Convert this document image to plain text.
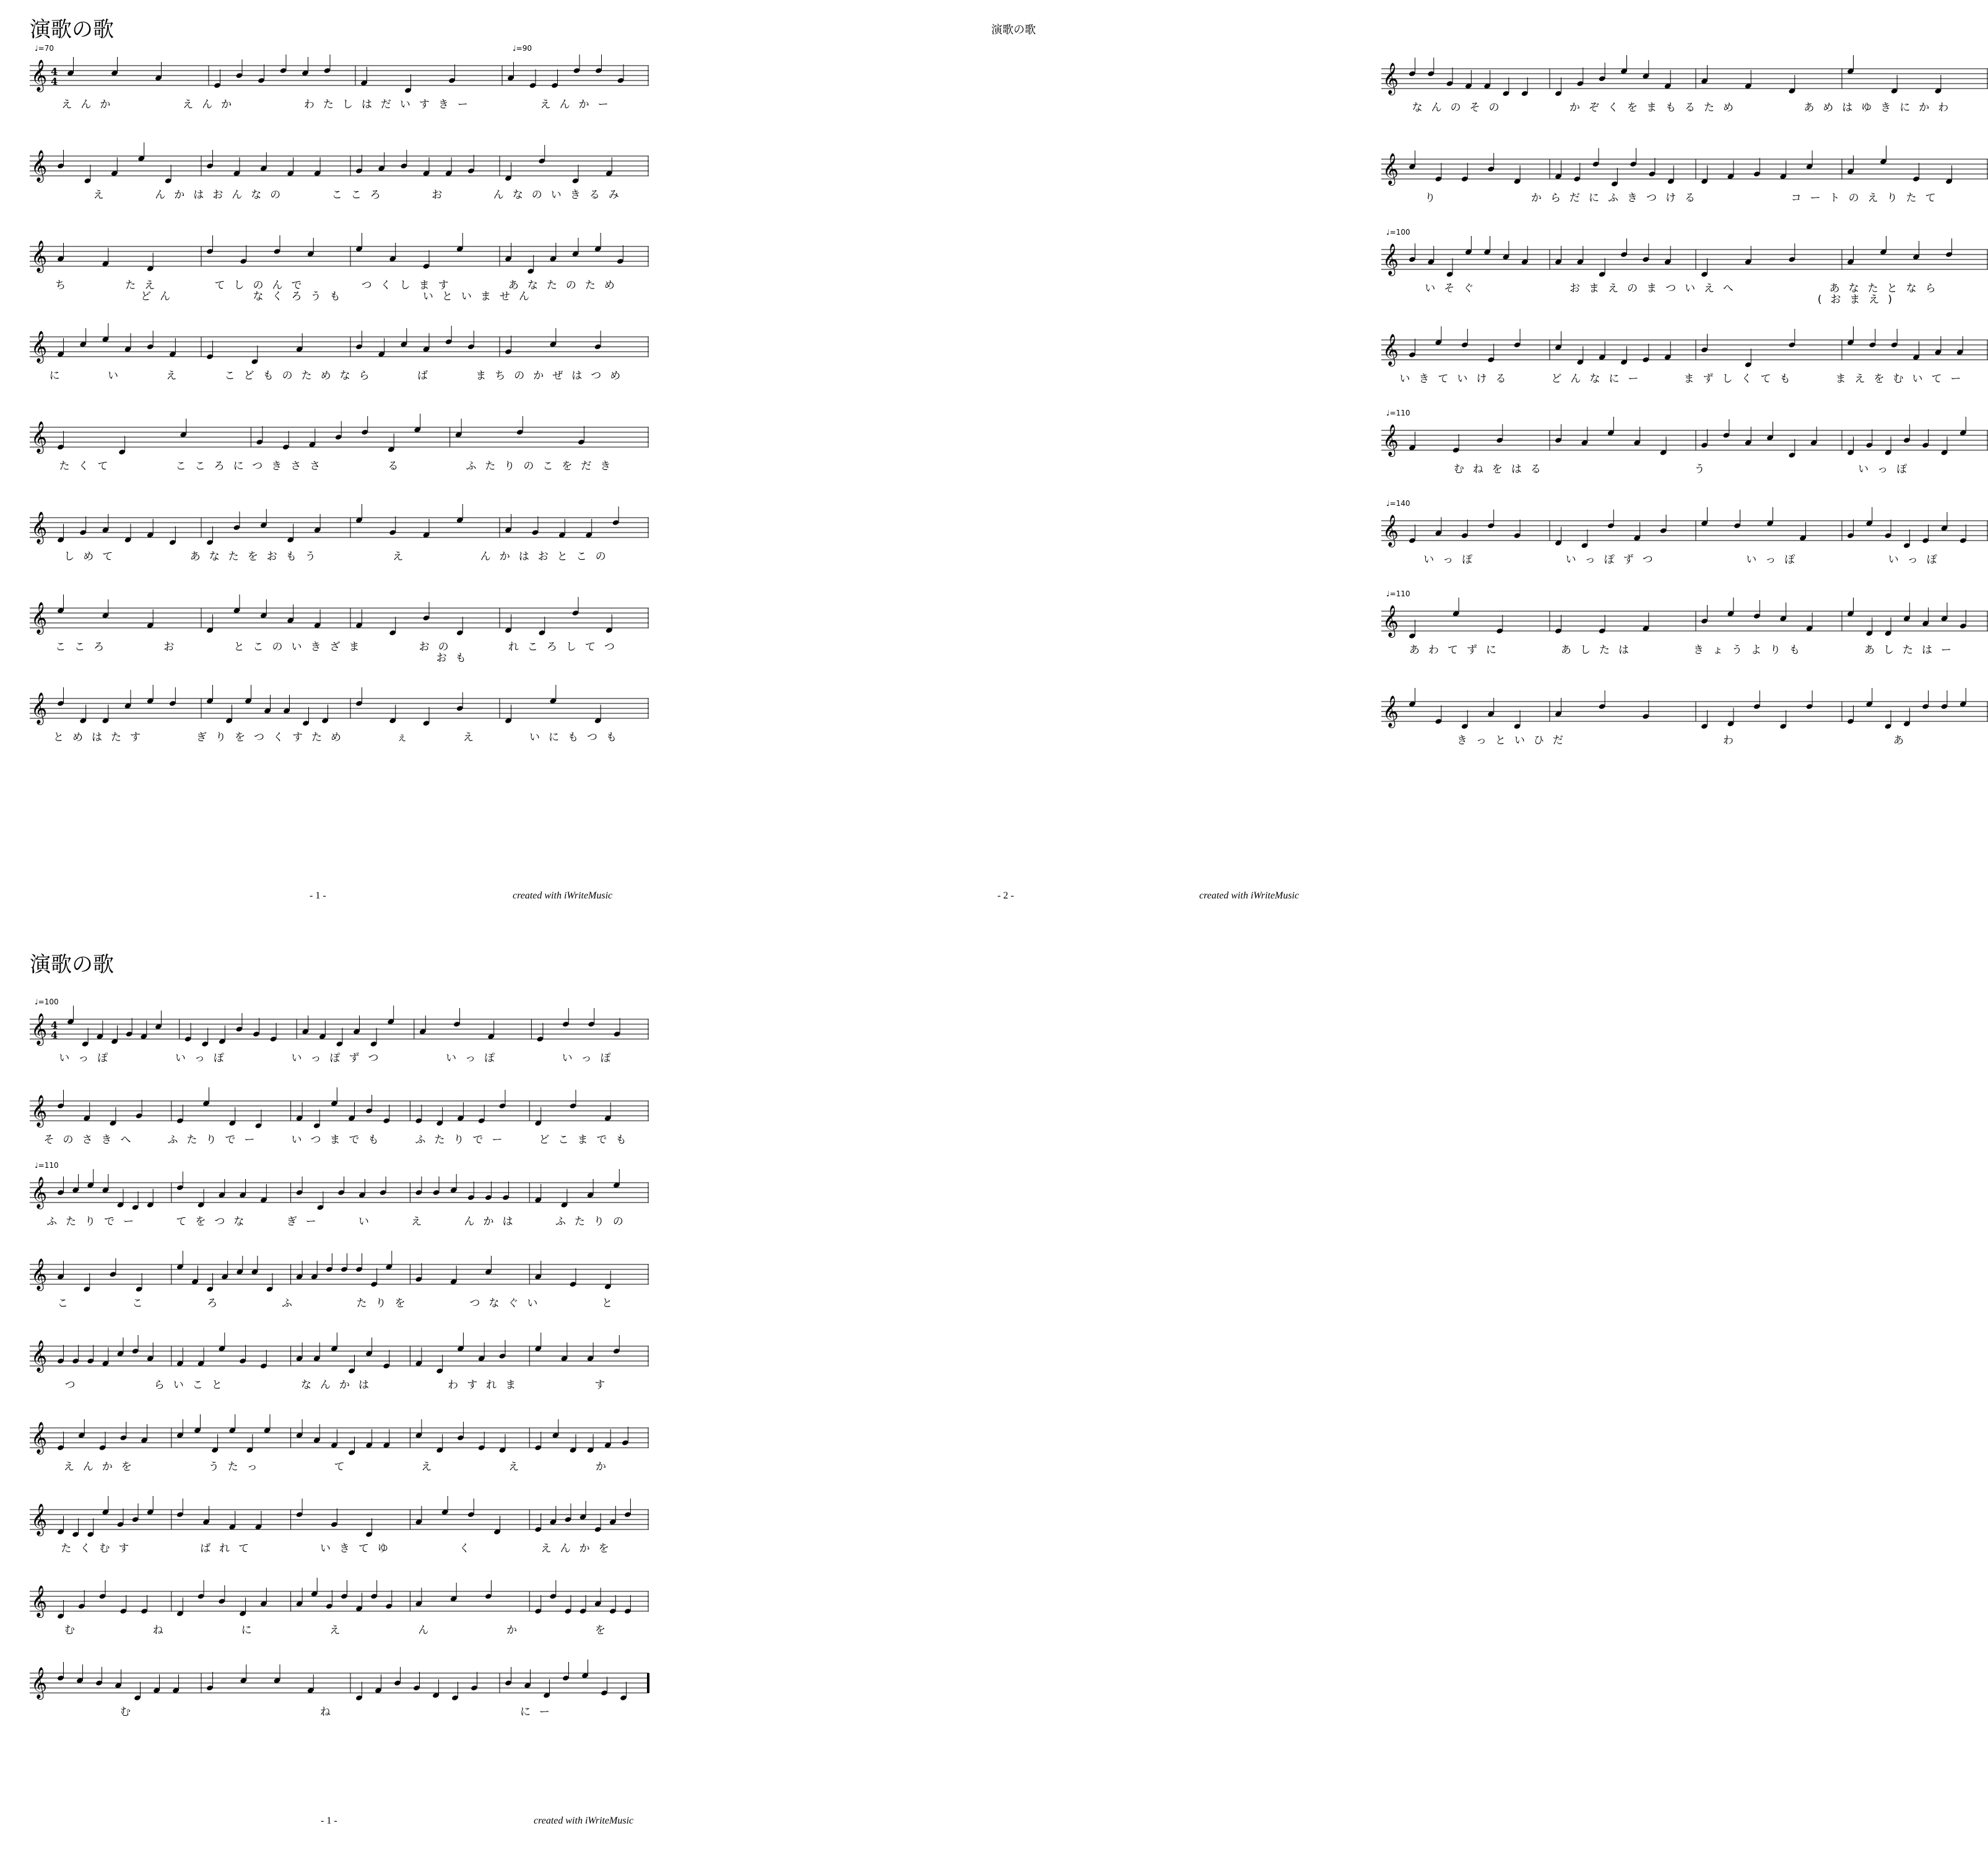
演歌の歌
𝄞 4
4
♩=70	♩=90
えんか	えんか	わたしはだいすきー	えんかー
𝄞
え	んかはおんなの	こころ	お	んなのいきるみ
𝄞
ち	たえ	てしのんで	つくします	あなたのため
どん	なくろうも	いといません
𝄞
に	い	え	こどものためなら	ば	まちのかぜはつめ
𝄞
たくて	こころにつきささ	る	ふたりのこをだき
𝄞
しめて	あなたをおもう	え	んかはおとこの
𝄞
こころ	お	とこのいきざま	おの	れころしてつ
おも
𝄞
とめはたす	ぎりをつくすため	ぇ	え	いにもつも
- 1 -	created with iWriteMusic
演歌の歌
𝄞
なんのその	かぞくをまもるため	あめはゆきにかわ
𝄞
り	からだにふきつける	コートのえりたて
𝄞
♩=100
いそぐ	おまえのまついえへ	あなたとなら
(おまえ)
𝄞
いきていける	どんなにー	まずしくても	まえをむいてー
𝄞
♩=110
むねをはる	う	いっぽ
𝄞
♩=140
いっぽ	いっぽずつ	いっぽ	いっぽ
𝄞
♩=110
あわてずに	あしたは	きょうよりも	あしたはー
𝄞
きっといひだ	わ	あ
- 2 -	created with iWriteMusic
演歌の歌
𝄞 4
4
♩=100
いっぽ	いっぽ	いっぽずつ	いっぽ	いっぽ
𝄞
そのさきへ	ふたりでー	いつまでも	ふたりでー	どこまでも
𝄞
♩=110
ふたりでー	てをつな	ぎー	い	え	んかは	ふたりの
𝄞
こ	こ	ろ	ふ	たりを	つなぐい	と
𝄞
つ	らいこと	なんかは	わすれま	す
𝄞
えんかを	うたっ	て	え	え	か
𝄞
たくむす	ばれて	いきてゆ	く	えんかを
𝄞
む	ね	に	え	ん	か	を
𝄞
む	ね	にー
- 1 -	created with iWriteMusic
